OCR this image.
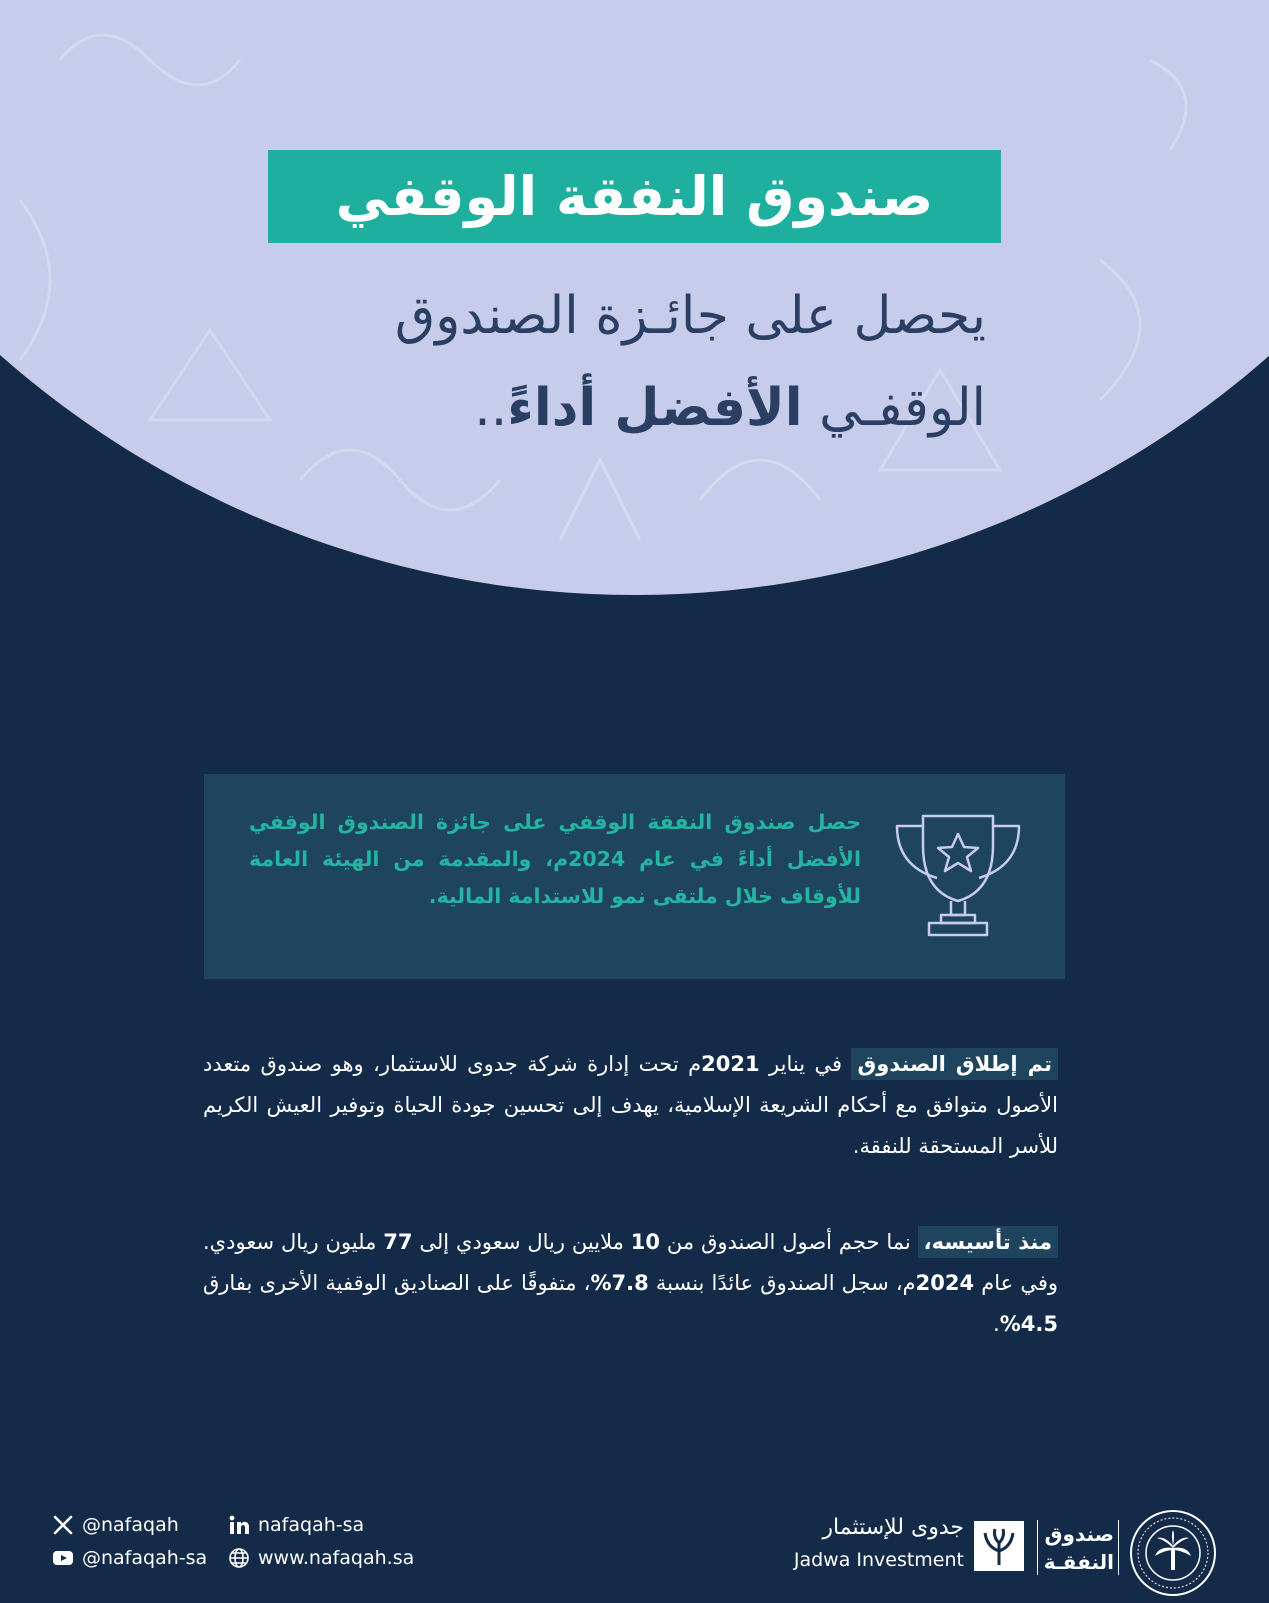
صندوق النفقة الوقفي
يحصل على جائـزة الصندوق
الوقفـي الأفضل أداءً..
حصل صندوق النفقة الوقفي على جائزة الصندوق الوقفي الأفضل أداءً في عام 2024م، والمقدمة من الهيئة العامة للأوقاف خلال ملتقى نمو للاستدامة المالية.
تم إطلاق الصندوق في يناير 2021م تحت إدارة شركة جدوى للاستثمار، وهو صندوق متعدد الأصول متوافق مع أحكام الشريعة الإسلامية، يهدف إلى تحسين جودة الحياة وتوفير العيش الكريم للأسر المستحقة للنفقة.
منذ تأسيسه، نما حجم أصول الصندوق من 10 ملايين ريال سعودي إلى 77 مليون ريال سعودي. وفي عام 2024م، سجل الصندوق عائدًا بنسبة 7.8%، متفوقًا على الصناديق الوقفية الأخرى بفارق 4.5%.
@nafaqah
@nafaqah-sa
nafaqah-sa
www.nafaqah.sa
جدوى للإستثمار
Jadwa Investment
صندوق
النفقـة
